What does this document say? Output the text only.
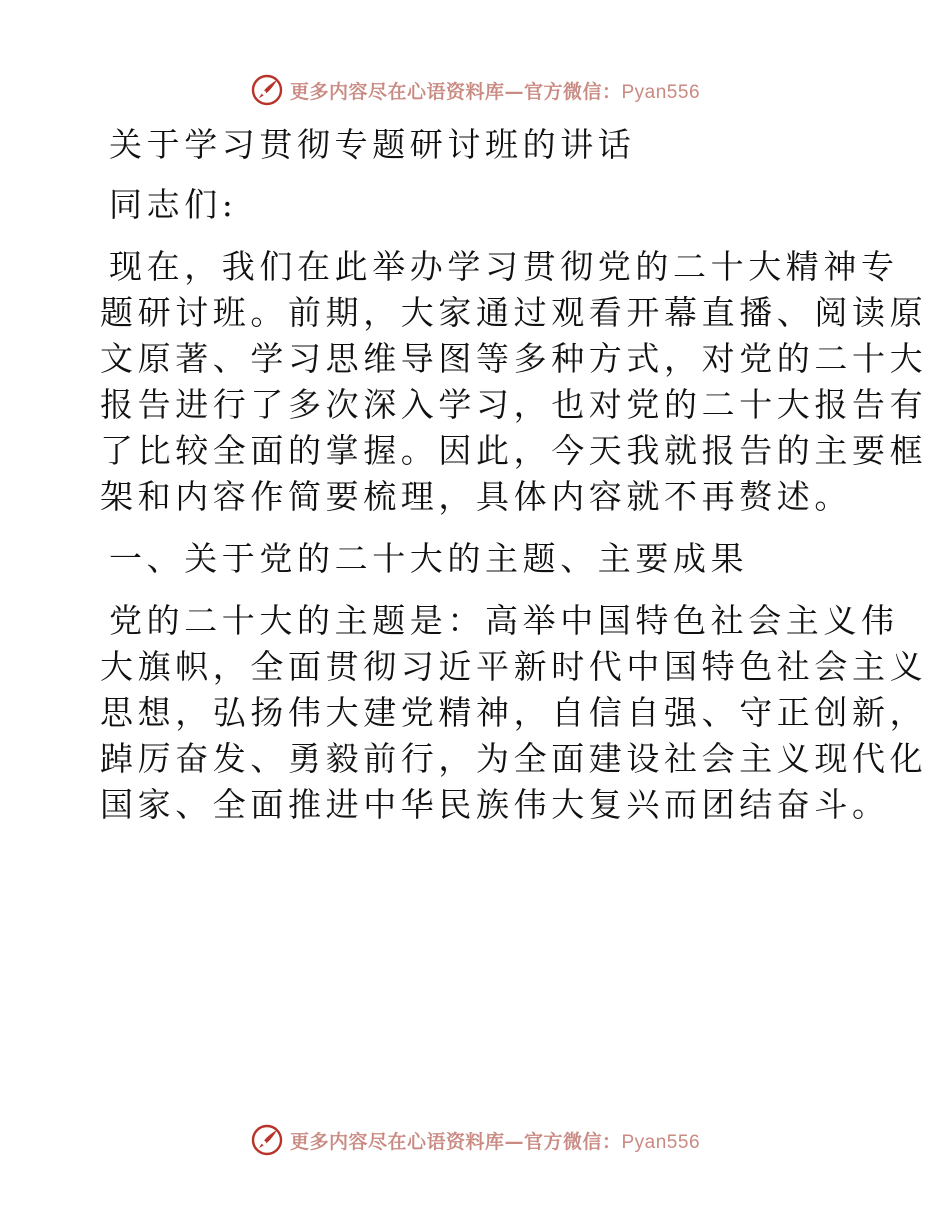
更多内容尽在心语资料库—官方微信：Pyan556

关于学习贯彻专题研讨班的讲话

同志们:

现在，我们在此举办学习贯彻党的二十大精神专

题研讨班。前期，大家通过观看开幕直播、阅读原

文原著、学习思维导图等多种方式，对党的二十大

报告进行了多次深入学习，也对党的二十大报告有

了比较全面的掌握。因此，今天我就报告的主要框

架和内容作简要梳理，具体内容就不再赘述。

一、关于党的二十大的主题、主要成果

党的二十大的主题是：高举中国特色社会主义伟

大旗帜，全面贯彻习近平新时代中国特色社会主义

思想，弘扬伟大建党精神，自信自强、守正创新，

踔厉奋发、勇毅前行，为全面建设社会主义现代化

国家、全面推进中华民族伟大复兴而团结奋斗。

更多内容尽在心语资料库—官方微信：Pyan556
